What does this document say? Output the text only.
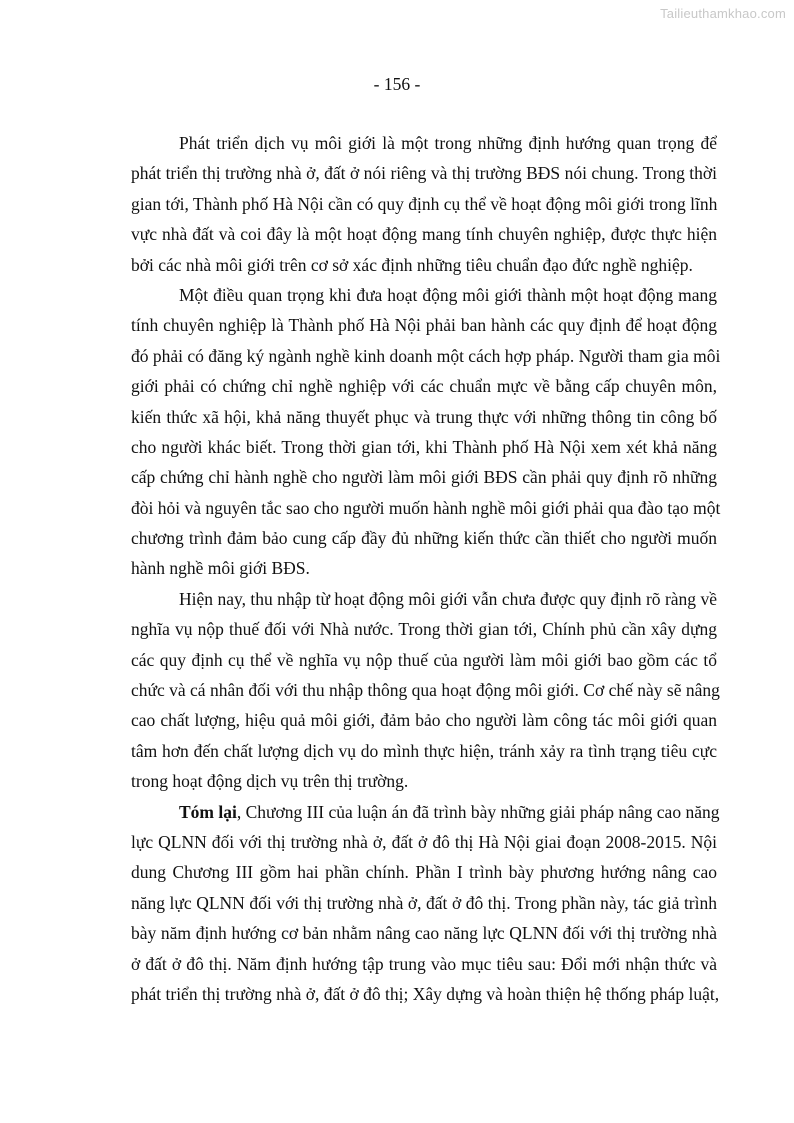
Tailieuthamkhao.com
- 156 -
Phát triển dịch vụ môi giới là một trong những định hướng quan trọng để
phát triển thị trường nhà ở, đất ở nói riêng và thị trường BĐS nói chung. Trong thời
gian tới, Thành phố Hà Nội cần có quy định cụ thể về hoạt động môi giới trong lĩnh
vực nhà đất và coi đây là một hoạt động mang tính chuyên nghiệp, được thực hiện
bởi các nhà môi giới trên cơ sở xác định những tiêu chuẩn đạo đức nghề nghiệp.
Một điều quan trọng khi đưa hoạt động môi giới thành một hoạt động mang
tính chuyên nghiệp là Thành phố Hà Nội phải ban hành các quy định để hoạt động
đó phải có đăng ký ngành nghề kinh doanh một cách hợp pháp. Người tham gia môi
giới phải có chứng chỉ nghề nghiệp với các chuẩn mực về bằng cấp chuyên môn,
kiến thức xã hội, khả năng thuyết phục và trung thực với những thông tin công bố
cho người khác biết. Trong thời gian tới, khi Thành phố Hà Nội xem xét khả năng
cấp chứng chỉ hành nghề cho người làm môi giới BĐS cần phải quy định rõ những
đòi hỏi và nguyên tắc sao cho người muốn hành nghề môi giới phải qua đào tạo một
chương trình đảm bảo cung cấp đầy đủ những kiến thức cần thiết cho người muốn
hành nghề môi giới BĐS.
Hiện nay, thu nhập từ hoạt động môi giới vẫn chưa được quy định rõ ràng về
nghĩa vụ nộp thuế đối với Nhà nước. Trong thời gian tới, Chính phủ cần xây dựng
các quy định cụ thể về nghĩa vụ nộp thuế của người làm môi giới bao gồm các tổ
chức và cá nhân đối với thu nhập thông qua hoạt động môi giới. Cơ chế này sẽ nâng
cao chất lượng, hiệu quả môi giới, đảm bảo cho người làm công tác môi giới quan
tâm hơn đến chất lượng dịch vụ do mình thực hiện, tránh xảy ra tình trạng tiêu cực
trong hoạt động dịch vụ trên thị trường.
Tóm lại, Chương III của luận án đã trình bày những giải pháp nâng cao năng
lực QLNN đối với thị trường nhà ở, đất ở đô thị Hà Nội giai đoạn 2008-2015. Nội
dung Chương III gồm hai phần chính. Phần I trình bày phương hướng nâng cao
năng lực QLNN đối với thị trường nhà ở, đất ở đô thị. Trong phần này, tác giả trình
bày năm định hướng cơ bản nhằm nâng cao năng lực QLNN đối với thị trường nhà
ở đất ở đô thị. Năm định hướng tập trung vào mục tiêu sau: Đổi mới nhận thức và
phát triển thị trường nhà ở, đất ở đô thị; Xây dựng và hoàn thiện hệ thống pháp luật,
